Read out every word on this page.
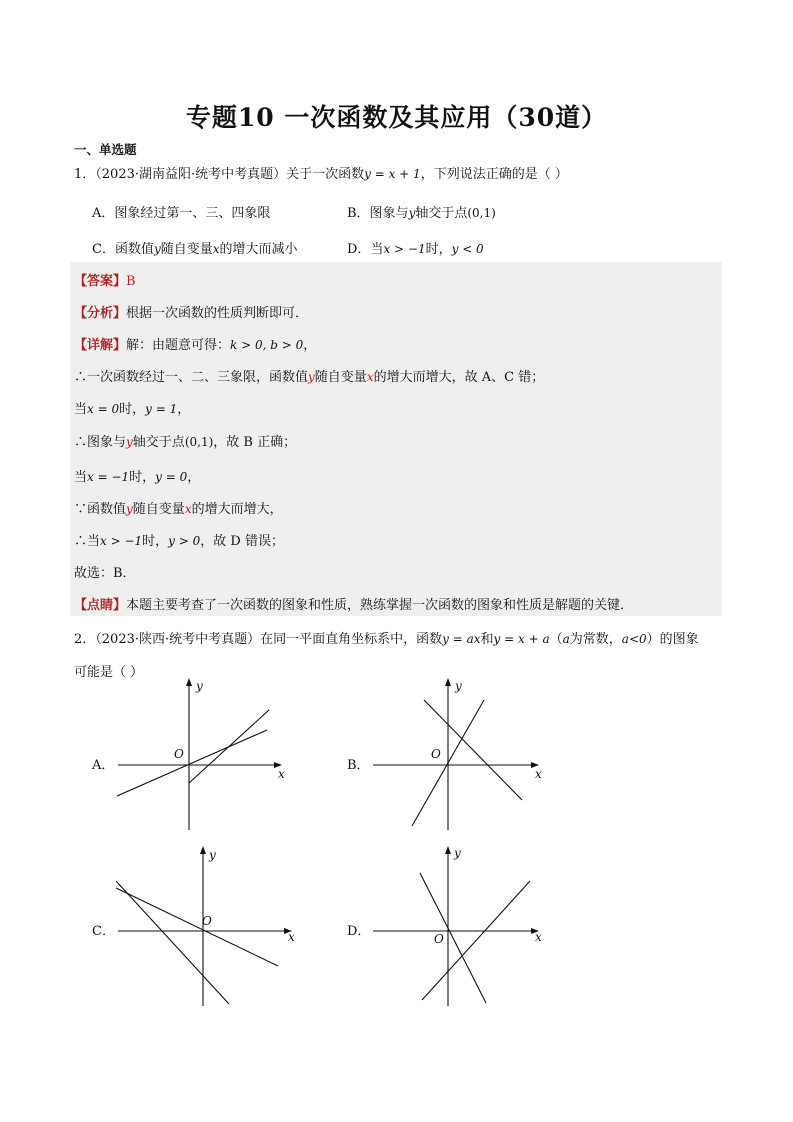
专题10 一次函数及其应用（30道）
一、单选题
1．（2023·湖南益阳·统考中考真题）关于一次函数y = x + 1，下列说法正确的是（ ）
A．图象经过第一、三、四象限	B．图象与y轴交于点(0,1)
C．函数值y随自变量x的增大而减小	D．当x > −1时，y < 0
【答案】B
【分析】根据一次函数的性质判断即可．
【详解】解：由题意可得：k > 0, b > 0，
∴一次函数经过一、二、三象限，函数值y随自变量x的增大而增大，故 A、C 错；
当x = 0时，y = 1，
∴图象与y轴交于点(0,1)，故 B 正确；
当x = −1时，y = 0，
∵函数值y随自变量x的增大而增大，
∴当x > −1时，y > 0，故 D 错误；
故选：B．
【点睛】本题主要考查了一次函数的图象和性质，熟练掌握一次函数的图象和性质是解题的关键．
2．（2023·陕西·统考中考真题）在同一平面直角坐标系中，函数y = ax和y = x + a（a为常数，a<0）的图象
可能是（ ）
A．	B．
C．	D．
x
y
O
x
y
O
x
y
O
x
y
O
